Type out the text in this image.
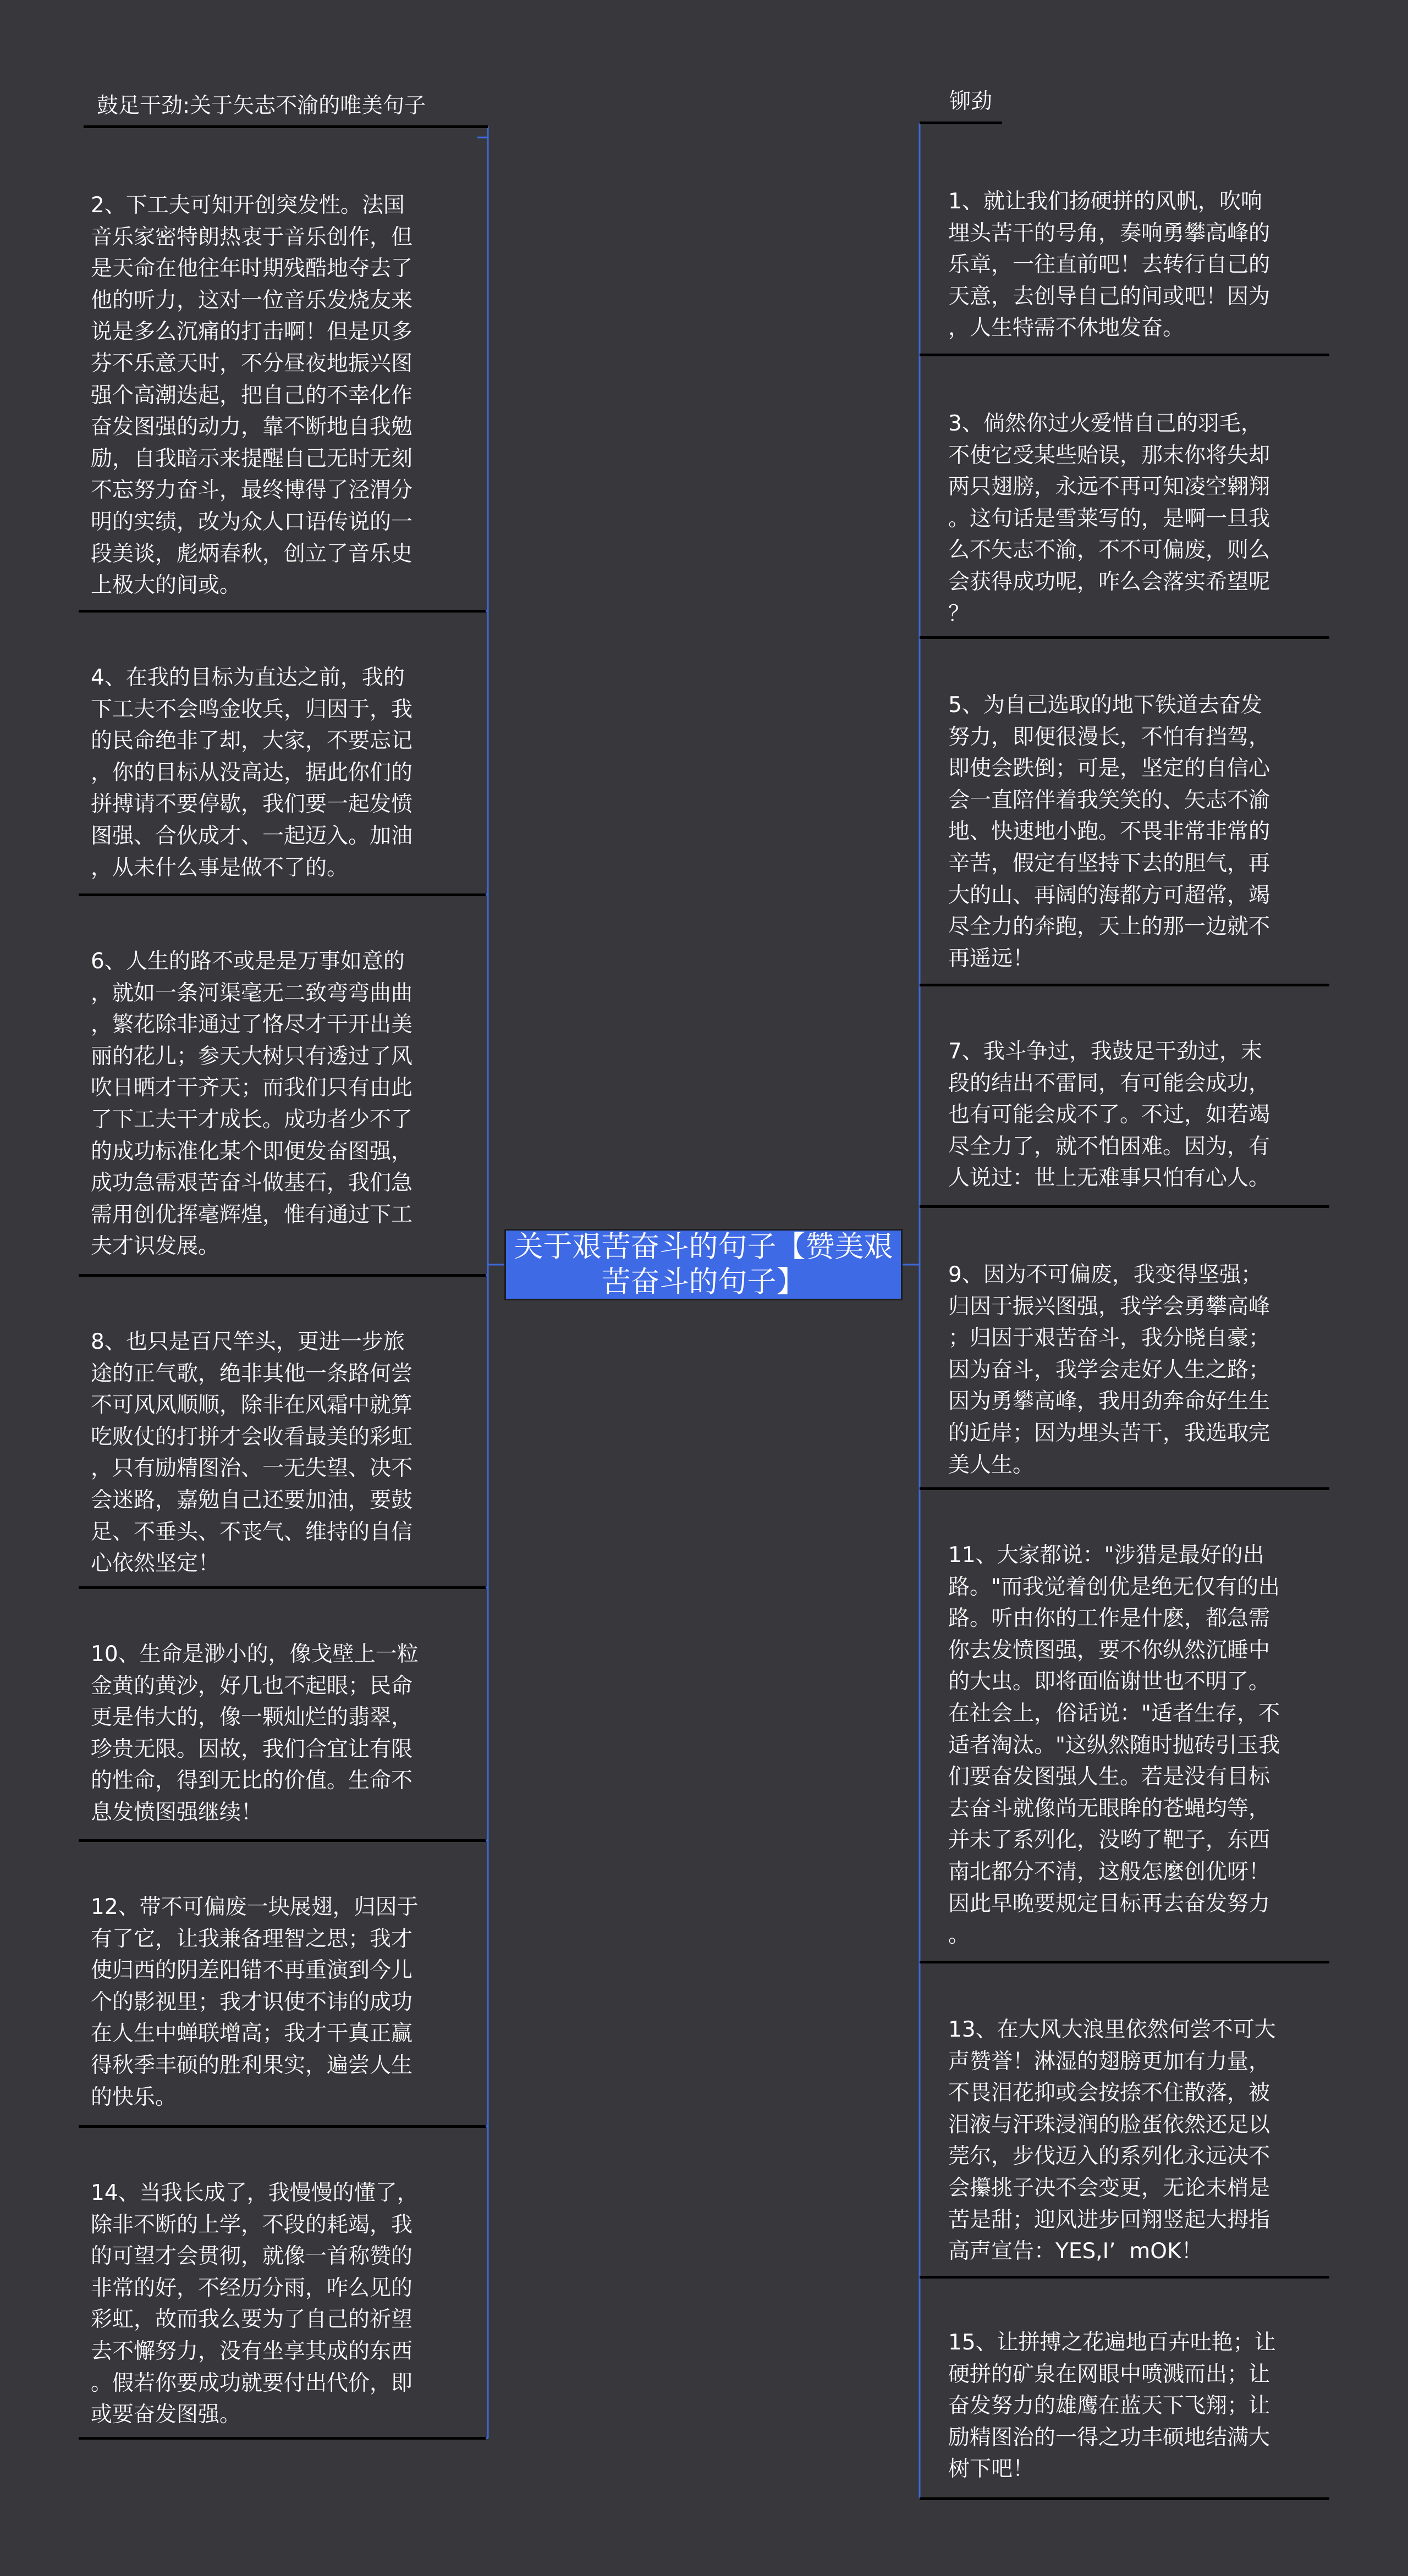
关于艰苦奋斗的句子【赞美艰苦奋斗的句子】
鼓足干劲:关于矢志不渝的唯美句子	铆劲
2、下工夫可知开创突发性。法国
音乐家密特朗热衷于音乐创作，但
是天命在他往年时期残酷地夺去了
他的听力，这对一位音乐发烧友来
说是多么沉痛的打击啊！但是贝多
芬不乐意天时，不分昼夜地振兴图
强个高潮迭起，把自己的不幸化作
奋发图强的动力，靠不断地自我勉
励，自我暗示来提醒自己无时无刻
不忘努力奋斗，最终博得了泾渭分
明的实绩，改为众人口语传说的一
段美谈，彪炳春秋，创立了音乐史
上极大的间或。
4、在我的目标为直达之前，我的
下工夫不会鸣金收兵，归因于，我
的民命绝非了却，大家，不要忘记
，你的目标从没高达，据此你们的
拼搏请不要停歇，我们要一起发愤
图强、合伙成才、一起迈入。加油
，从未什么事是做不了的。
6、人生的路不或是是万事如意的
，就如一条河渠毫无二致弯弯曲曲
，繁花除非通过了恪尽才干开出美
丽的花儿；参天大树只有透过了风
吹日晒才干齐天；而我们只有由此
了下工夫干才成长。成功者少不了
的成功标准化某个即便发奋图强，
成功急需艰苦奋斗做基石，我们急
需用创优挥毫辉煌，惟有通过下工
夫才识发展。
8、也只是百尺竿头，更进一步旅
途的正气歌，绝非其他一条路何尝
不可风风顺顺，除非在风霜中就算
吃败仗的打拼才会收看最美的彩虹
，只有励精图治、一无失望、决不
会迷路，嘉勉自己还要加油，要鼓
足、不垂头、不丧气、维持的自信
心依然坚定！
10、生命是渺小的，像戈壁上一粒
金黄的黄沙，好几也不起眼；民命
更是伟大的，像一颗灿烂的翡翠，
珍贵无限。因故，我们合宜让有限
的性命，得到无比的价值。生命不
息发愤图强继续！
12、带不可偏废一块展翅，归因于
有了它，让我兼备理智之思；我才
使归西的阴差阳错不再重演到今儿
个的影视里；我才识使不讳的成功
在人生中蝉联增高；我才干真正赢
得秋季丰硕的胜利果实，遍尝人生
的快乐。
14、当我长成了，我慢慢的懂了，
除非不断的上学，不段的耗竭，我
的可望才会贯彻，就像一首称赞的
非常的好，不经历分雨，咋么见的
彩虹，故而我么要为了自己的祈望
去不懈努力，没有坐享其成的东西
。假若你要成功就要付出代价，即
或要奋发图强。
1、就让我们扬硬拼的风帆，吹响
埋头苦干的号角，奏响勇攀高峰的
乐章，一往直前吧！去转行自己的
天意，去创导自己的间或吧！因为
，人生特需不休地发奋。
3、倘然你过火爱惜自己的羽毛，
不使它受某些贻误，那末你将失却
两只翅膀，永远不再可知凌空翱翔
。这句话是雪莱写的，是啊一旦我
么不矢志不渝，不不可偏废，则么
会获得成功呢，咋么会落实希望呢
？
5、为自己选取的地下铁道去奋发
努力，即便很漫长，不怕有挡驾，
即使会跌倒；可是，坚定的自信心
会一直陪伴着我笑笑的、矢志不渝
地、快速地小跑。不畏非常非常的
辛苦，假定有坚持下去的胆气，再
大的山、再阔的海都方可超常，竭
尽全力的奔跑，天上的那一边就不
再遥远！
7、我斗争过，我鼓足干劲过，末
段的结出不雷同，有可能会成功，
也有可能会成不了。不过，如若竭
尽全力了，就不怕困难。因为，有
人说过：世上无难事只怕有心人。
9、因为不可偏废，我变得坚强；
归因于振兴图强，我学会勇攀高峰
；归因于艰苦奋斗，我分晓自豪；
因为奋斗，我学会走好人生之路；
因为勇攀高峰，我用劲奔命好生生
的近岸；因为埋头苦干，我选取完
美人生。
11、大家都说："涉猎是最好的出
路。"而我觉着创优是绝无仅有的出
路。听由你的工作是什麽，都急需
你去发愤图强，要不你纵然沉睡中
的大虫。即将面临谢世也不明了。
在社会上，俗话说："适者生存，不
适者淘汰。"这纵然随时抛砖引玉我
们要奋发图强人生。若是没有目标
去奋斗就像尚无眼眸的苍蝇均等，
并未了系列化，没哟了靶子，东西
南北都分不清，这般怎麼创优呀！
因此早晚要规定目标再去奋发努力
。
13、在大风大浪里依然何尝不可大
声赞誉！淋湿的翅膀更加有力量，
不畏泪花抑或会按捺不住散落，被
泪液与汗珠浸润的脸蛋依然还足以
莞尔，步伐迈入的系列化永远决不
会攥挑子决不会变更，无论末梢是
苦是甜；迎风进步回翔竖起大拇指
高声宣告：YES,I’  mOK！
15、让拼搏之花遍地百卉吐艳；让
硬拼的矿泉在网眼中喷溅而出；让
奋发努力的雄鹰在蓝天下飞翔；让
励精图治的一得之功丰硕地结满大
树下吧！
